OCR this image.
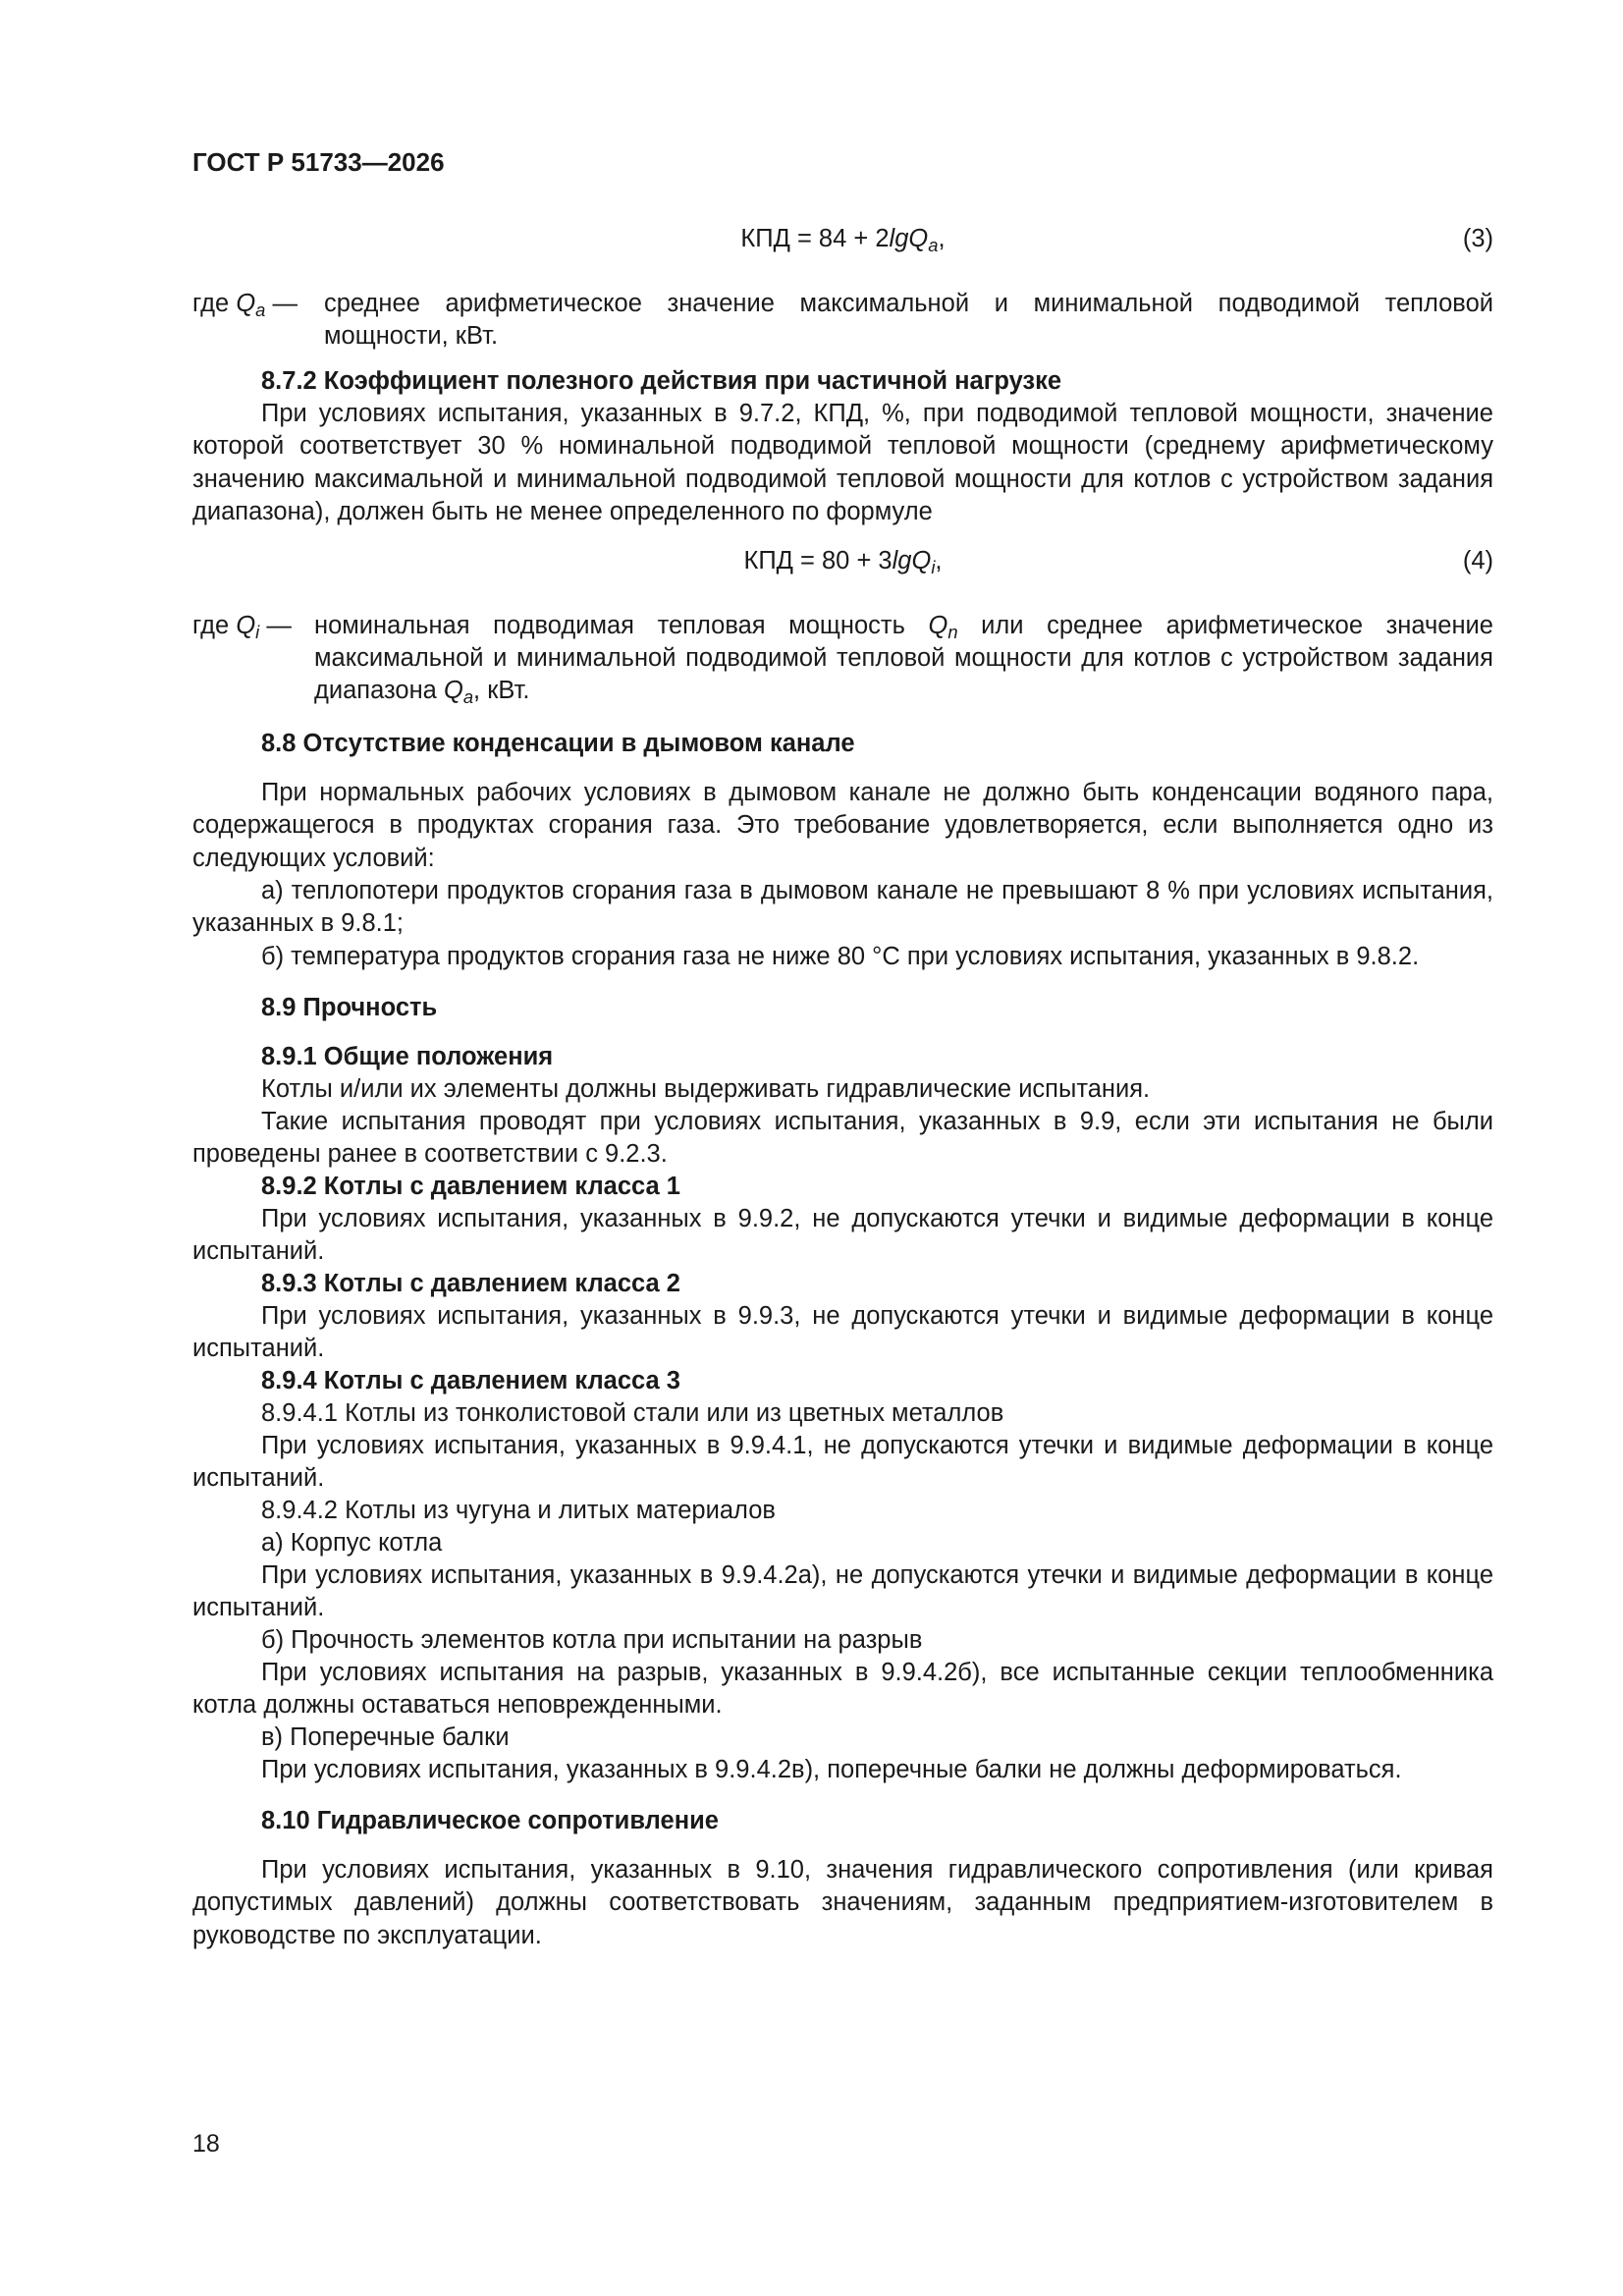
ГОСТ Р 51733—2026
КПД = 84 + 2lgQ$_a$,	(3)
где $Q_a$ —	среднее арифметическое значение максимальной и минимальной подводимой тепловой мощности, кВт.
8.7.2 Коэффициент полезного действия при частичной нагрузке
При условиях испытания, указанных в 9.7.2, КПД, %, при подводимой тепловой мощности, значение которой соответствует 30 % номинальной подводимой тепловой мощности (среднему арифметическому значению максимальной и минимальной подводимой тепловой мощности для котлов с устройством задания диапазона), должен быть не менее определенного по формуле
КПД = 80 + 3lgQ$_i$,	(4)
где $Q_i$ — номинальная подводимая тепловая мощность $Q_n$ или среднее арифметическое значение максимальной и минимальной подводимой тепловой мощности для котлов с устройством задания диапазона $Q_a$, кВт.
8.8 Отсутствие конденсации в дымовом канале
При нормальных рабочих условиях в дымовом канале не должно быть конденсации водяного пара, содержащегося в продуктах сгорания газа. Это требование удовлетворяется, если выполняется одно из следующих условий:
а) теплопотери продуктов сгорания газа в дымовом канале не превышают 8 % при условиях испытания, указанных в 9.8.1;
б) температура продуктов сгорания газа не ниже 80 °C при условиях испытания, указанных в 9.8.2.
8.9 Прочность
8.9.1 Общие положения
Котлы и/или их элементы должны выдерживать гидравлические испытания.
Такие испытания проводят при условиях испытания, указанных в 9.9, если эти испытания не были проведены ранее в соответствии с 9.2.3.
8.9.2 Котлы с давлением класса 1
При условиях испытания, указанных в 9.9.2, не допускаются утечки и видимые деформации в конце испытаний.
8.9.3 Котлы с давлением класса 2
При условиях испытания, указанных в 9.9.3, не допускаются утечки и видимые деформации в конце испытаний.
8.9.4 Котлы с давлением класса 3
8.9.4.1 Котлы из тонколистовой стали или из цветных металлов
При условиях испытания, указанных в 9.9.4.1, не допускаются утечки и видимые деформации в конце испытаний.
8.9.4.2 Котлы из чугуна и литых материалов
а) Корпус котла
При условиях испытания, указанных в 9.9.4.2а), не допускаются утечки и видимые деформации в конце испытаний.
б) Прочность элементов котла при испытании на разрыв
При условиях испытания на разрыв, указанных в 9.9.4.2б), все испытанные секции теплообменника котла должны оставаться неповрежденными.
в) Поперечные балки
При условиях испытания, указанных в 9.9.4.2в), поперечные балки не должны деформироваться.
8.10 Гидравлическое сопротивление
При условиях испытания, указанных в 9.10, значения гидравлического сопротивления (или кривая допустимых давлений) должны соответствовать значениям, заданным предприятием-изготовителем в руководстве по эксплуатации.
18
